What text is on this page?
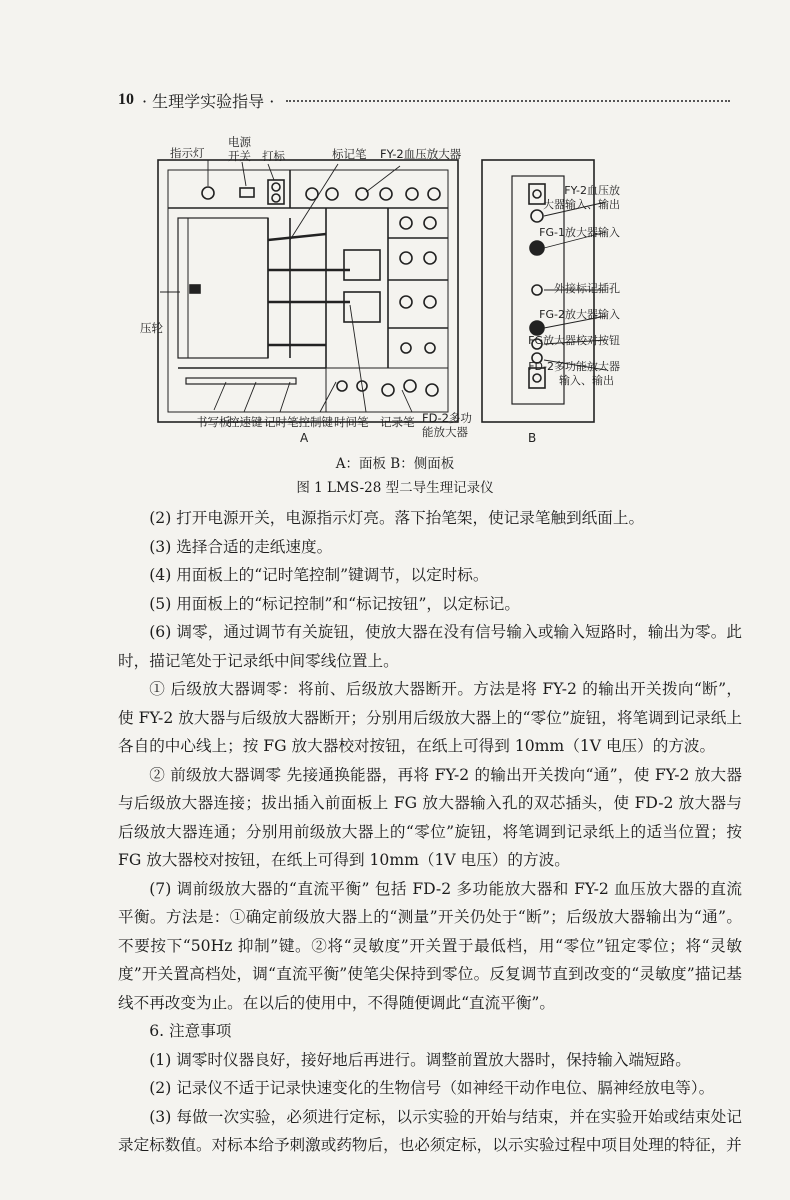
10 · 生理学实验指导 ·
指示灯
电源
开关 打标	标记笔 FY-2血压放大器
压轮
书写板
控速键 记时笔控制键 时间笔 记录笔 FD-2多功
能放大器
A
FY-2血压放
大器输入、输出
FG-1放大器输入
外接标记插孔
FG-2放大器输入
FG放大器校对按钮
FD-2多功能放大器
输入、输出
B
A：面板 B：侧面板
图 1 LMS-28 型二导生理记录仪

(2) 打开电源开关，电源指示灯亮。落下抬笔架，使记录笔触到纸面上。

(3) 选择合适的走纸速度。

(4) 用面板上的“记时笔控制”键调节，以定时标。

(5) 用面板上的“标记控制”和“标记按钮”，以定标记。

(6) 调零，通过调节有关旋钮，使放大器在没有信号输入或输入短路时，输出为零。此时，描记笔处于记录纸中间零线位置上。

① 后级放大器调零：将前、后级放大器断开。方法是将 FY-2 的输出开关拨向“断”，使 FY-2 放大器与后级放大器断开；分别用后级放大器上的“零位”旋钮，将笔调到记录纸上各自的中心线上；按 FG 放大器校对按钮，在纸上可得到 10mm（1V 电压）的方波。

② 前级放大器调零 先接通换能器，再将 FY-2 的输出开关拨向“通”，使 FY-2 放大器与后级放大器连接；拔出插入前面板上 FG 放大器输入孔的双芯插头，使 FD-2 放大器与后级放大器连通；分别用前级放大器上的“零位”旋钮，将笔调到记录纸上的适当位置；按 FG 放大器校对按钮，在纸上可得到 10mm（1V 电压）的方波。

(7) 调前级放大器的“直流平衡” 包括 FD-2 多功能放大器和 FY-2 血压放大器的直流平衡。方法是：①确定前级放大器上的“测量”开关仍处于“断”；后级放大器输出为“通”。不要按下“50Hz 抑制”键。②将“灵敏度”开关置于最低档，用“零位”钮定零位；将“灵敏度”开关置高档处，调“直流平衡”使笔尖保持到零位。反复调节直到改变的“灵敏度”描记基线不再改变为止。在以后的使用中，不得随便调此“直流平衡”。

6. 注意事项

(1) 调零时仪器良好，接好地后再进行。调整前置放大器时，保持输入端短路。

(2) 记录仪不适于记录快速变化的生物信号（如神经干动作电位、膈神经放电等）。

(3) 每做一次实验，必须进行定标，以示实验的开始与结束，并在实验开始或结束处记录定标数值。对标本给予刺激或药物后，也必须定标，以示实验过程中项目处理的特征，并
